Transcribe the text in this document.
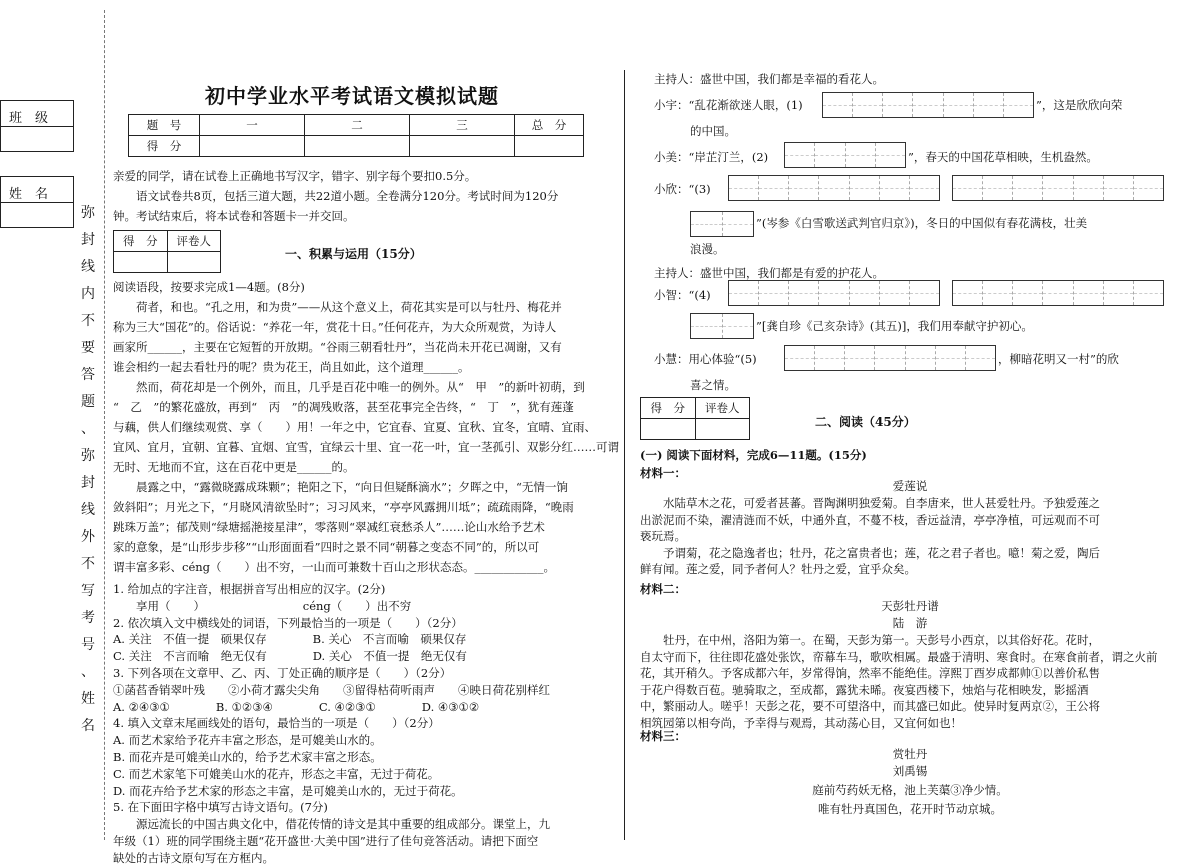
班　级
姓　名
弥
封
线
内
不
要
答
题
、
弥
封
线
外
不
写
考
号
、
姓
名
初中学业水平考试语文模拟试题
题　号	一	二	三	总　分
得　分				
亲爱的同学，请在试卷上正确地书写汉字，错字、别字每个要扣0.5分。
　　语文试卷共8页，包括三道大题，共22道小题。全卷满分120分。考试时间为120分
钟。考试结束后，将本试卷和答题卡一并交回。
得　分	评卷人

一、积累与运用（15分）
阅读语段，按要求完成1—4题。(8分)
　　荷者，和也。“孔之用，和为贵”——从这个意义上，荷花其实是可以与牡丹、梅花并
称为三大“国花”的。俗话说：“养花一年，赏花十日。”任何花卉，为大众所观赏，为诗人
画家所______，主要在它短暂的开放期。“谷雨三朝看牡丹”，当花尚未开花已凋谢，又有
谁会相约一起去看牡丹的呢？贵为花王，尚且如此，这个道理______。
　　然而，荷花却是一个例外，而且，几乎是百花中唯一的例外。从“　甲　”的新叶初萌，到
“　乙　”的繁花盛放，再到“　丙　”的凋残败落，甚至花事完全告终，“　丁　”，犹有莲蓬
与藕，供人们继续观赏、享（　　）用！一年之中，它宜春、宜夏、宜秋、宜冬，宜晴、宜雨、
宜风、宜月，宜朝、宜暮、宜烟、宜雪，宜绿云十里、宜一花一叶，宜一茎孤引、双影分红……可谓
无时、无地而不宜，这在百花中更是______的。
　　晨露之中，“露微晓露成珠颗”；艳阳之下，“向日但疑酥滴水”；夕晖之中，“无情一饷
敛斜阳”；月光之下，“月晓风清欲坠时”；习习风来，“亭亭风露拥川坻”；疏疏雨降，“晚雨
跳珠万盖”；郁茂则“绿塘摇滟接星津”，零落则“翠减红衰愁杀人”……论山水给予艺术
家的意象，是“山形步步移”“山形面面看”四时之景不同“朝暮之变态不同”的，所以可
谓丰富多彩、céng（　　）出不穷，一山而可兼数十百山之形状态态。____________。
1. 给加点的字注音，根据拼音写出相应的汉字。(2分)
　　享用（　　）　　　　　　　　　céng（　　）出不穷
2. 依次填入文中横线处的词语，下列最恰当的一项是（　　）（2分）
A. 关注　不值一提　硕果仅存　　　　B. 关心　不言而喻　硕果仅存
C. 关注　不言而喻　绝无仅有　　　　D. 关心　不值一提　绝无仅有
3. 下列各项在文章甲、乙、丙、丁处正确的顺序是（　　）（2分）
①菡萏香销翠叶残　　②小荷才露尖尖角　　③留得枯荷听雨声　　④映日荷花别样红
A. ②④③①　　　　B. ①②③④　　　　C. ④②③①　　　　D. ④③①②
4. 填入文章末尾画线处的语句，最恰当的一项是（　　）（2分）
A. 而艺术家给予花卉丰富之形态，是可媲美山水的。
B. 而花卉是可媲美山水的，给予艺术家丰富之形态。
C. 而艺术家笔下可媲美山水的花卉，形态之丰富，无过于荷花。
D. 而花卉给予艺术家的形态之丰富，是可媲美山水的，无过于荷花。
5. 在下面田字格中填写古诗文语句。(7分)
　　源远流长的中国古典文化中，借花传情的诗文是其中重要的组成部分。课堂上，九
年级（1）班的同学围绕主题“花开盛世·大美中国”进行了佳句竞答活动。请把下面空
缺处的古诗文原句写在方框内。
主持人：盛世中国，我们都是幸福的看花人。
小宇：“乱花渐欲迷人眼，(1)	”，这是欣欣向荣
的中国。
小美：“岸芷汀兰，(2)	”，春天的中国花草相映，生机盎然。
小欣：“(3)
”(岑参《白雪歌送武判官归京》)，冬日的中国似有春花满枝，壮美
浪漫。
主持人：盛世中国，我们都是有爱的护花人。
小智：“(4)
”[龚自珍《己亥杂诗》(其五)]，我们用奉献守护初心。
小慧：用心体验“(5)	，柳暗花明又一村”的欣
喜之情。
得　分	评卷人

二、阅读（45分）
(一) 阅读下面材料，完成6—11题。(15分)
材料一：
爱莲说
　　水陆草木之花，可爱者甚蕃。晋陶渊明独爱菊。自李唐来，世人甚爱牡丹。予独爱莲之
出淤泥而不染，濯清涟而不妖，中通外直，不蔓不枝，香远益清，亭亭净植，可远观而不可
亵玩焉。
　　予谓菊，花之隐逸者也；牡丹，花之富贵者也；莲，花之君子者也。噫！菊之爱，陶后
鲜有闻。莲之爱，同予者何人？牡丹之爱，宜乎众矣。
材料二：
天彭牡丹谱
陆　游
　　牡丹，在中州，洛阳为第一。在蜀，天彭为第一。天彭号小西京，以其俗好花。花时，
自太守而下，往往即花盛处张饮，帟幕车马，歌吹相属。最盛于清明、寒食时。在寒食前者，谓之火前
花，其开稍久。予客成都六年，岁常得饷，然率不能绝佳。淳熙丁酉岁成都帅①以善价私售
于花户得数百苞。驰骑取之，至成都，露犹未晞。夜宴西楼下，烛焰与花相映发，影摇酒
中，繁丽动人。嗟乎！天彭之花，要不可望洛中，而其盛已如此。使异时复两京②，王公将
相筑园第以相夸尚，予幸得与观焉，其动荡心目，又宜何如也！
材料三：
赏牡丹
刘禹锡
庭前芍药妖无格，池上芙蕖③净少情。
唯有牡丹真国色，花开时节动京城。
